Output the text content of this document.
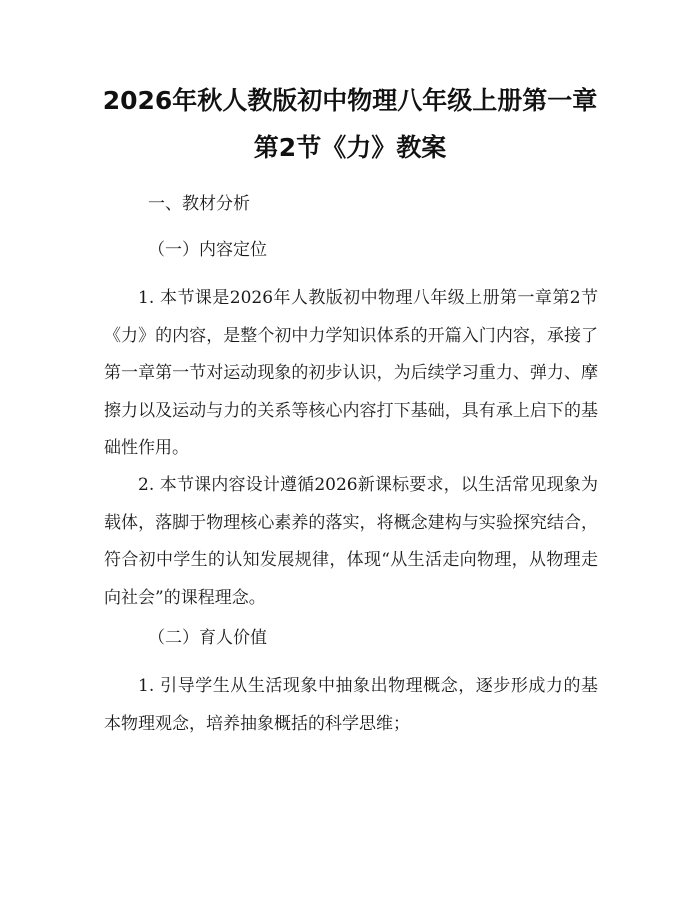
2026年秋人教版初中物理八年级上册第一章
第2节《力》教案
一、教材分析
（一）内容定位
1. 本节课是2026年人教版初中物理八年级上册第一章第2节《力》的内容，是整个初中力学知识体系的开篇入门内容，承接了第一章第一节对运动现象的初步认识，为后续学习重力、弹力、摩擦力以及运动与力的关系等核心内容打下基础，具有承上启下的基础性作用。
2. 本节课内容设计遵循2026新课标要求，以生活常见现象为载体，落脚于物理核心素养的落实，将概念建构与实验探究结合，符合初中学生的认知发展规律，体现“从生活走向物理，从物理走向社会”的课程理念。
（二）育人价值
1. 引导学生从生活现象中抽象出物理概念，逐步形成力的基本物理观念，培养抽象概括的科学思维；
